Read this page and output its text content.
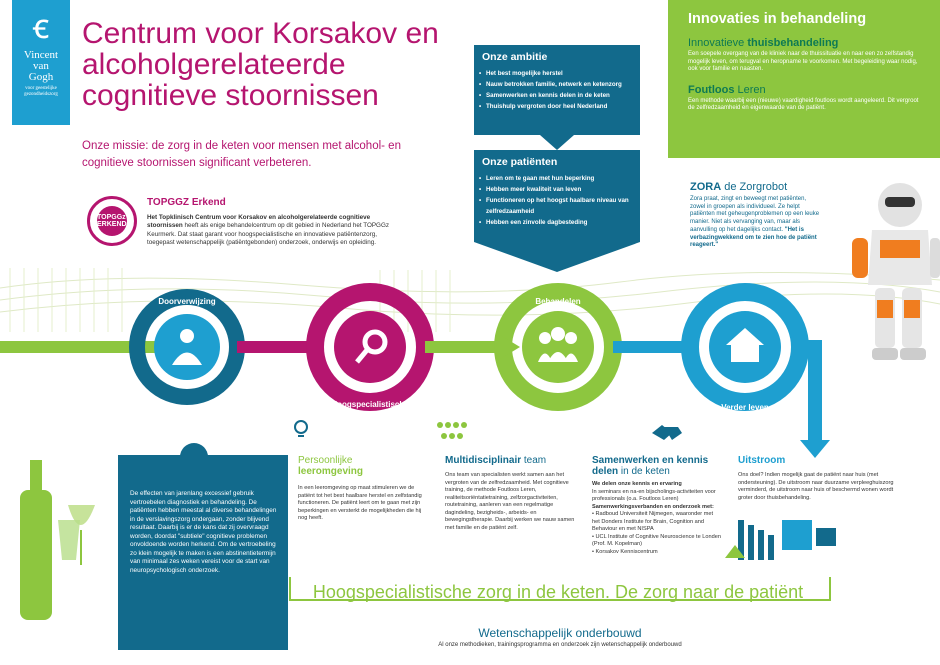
ꞓ
Vincent
van
Gogh
voor geestelijke gezondheidszorg
Centrum voor Korsakov en alcoholgerelateerde cognitieve stoornissen
Onze missie: de zorg in de keten voor mensen met alcohol- en cognitieve stoornissen significant verbeteren.
TOPGGz ERKEND
TOPGGZ Erkend
Het Topklinisch Centrum voor Korsakov en alcoholgerelateerde cognitieve stoornissen heeft als enige behandelcentrum op dit gebied in Nederland het TOPGGz Keurmerk. Dat staat garant voor hoogspecialistische en innovatieve patiëntenzorg, toegepast wetenschappelijk (patiëntgebonden) onderzoek, onderwijs en opleiding.
Onze ambitie
• Het best mogelijke herstel
• Nauw betrokken familie, netwerk en ketenzorg
• Samenwerken en kennis delen in de keten
• Thuishulp vergroten door heel Nederland
Onze patiënten
• Leren om te gaan met hun beperking
• Hebben meer kwaliteit van leven
• Functioneren op het hoogst haalbare niveau van zelfredzaamheid
• Hebben een zinvolle dagbesteding
Innovaties in behandeling
Innovatieve thuisbehandeling

Een soepele overgang van de kliniek naar de thuissituatie en naar een zo zelfstandig mogelijk leven, om terugval en heropname te voorkomen. Met begeleiding waar nodig, ook voor familie en naasten.

Foutloos Leren

Een methode waarbij een (nieuwe) vaardigheid foutloos wordt aangeleerd. Dit vergroot de zelfredzaamheid en eigenwaarde van de patiënt.

ZORA de Zorgrobot
Zora praat, zingt en beweegt met patiënten, zowel in groepen als individueel. Ze helpt patiënten met geheugenproblemen op een leuke manier. Niet als vervanging van, maar als aanvulling op het dagelijks contact. "Het is verbazingwekkend om te zien hoe de patiënt reageert."
Doorverwijzing
Hoogspecialistische diagnostiek
Behandelen
Verder leven

De effecten van jarenlang excessief gebruik vertroebelen diagnostiek en behandeling. De patiënten hebben meestal al diverse behandelingen in de verslavingszorg ondergaan, zonder blijvend resultaat. Daarbij is er de kans dat zij overvraagd worden, doordat "subtiele" cognitieve problemen onvoldoende worden herkend. Om de vertroebeling zo klein mogelijk te maken is een abstinentietermijn van minimaal zes weken vereist voor de start van neuropsychologisch onderzoek.

Persoonlijke
leeromgeving
In een leeromgeving op maat stimuleren we de patiënt tot het best haalbare herstel en zelfstandig functioneren. De patiënt leert om te gaan met zijn beperkingen en versterkt de mogelijkheden die hij nog heeft.
Multidisciplinair team
Ons team van specialisten werkt samen aan het vergroten van de zelfredzaamheid. Met cognitieve training, de methode Foutloos Leren, realiteitsoriëntatietraining, zelfzorgactiviteiten, routetraining, aanleren van een regelmatige dagindeling, bezigheids-, arbeids- en bewegingstherapie. Daarbij werken we nauw samen met familie en de patiënt zelf.
Samenwerken en kennis delen in de keten
We delen onze kennis en ervaring
In seminars en na-en bijscholings-activiteiten voor professionals (o.a. Foutloos Leren)
Samenwerkingsverbanden en onderzoek met:
• Radboud Universiteit Nijmegen, waaronder met het Donders Institute for Brain, Cognition and Behaviour en met NISPA
• UCL Institute of Cognitive Neuroscience te Londen (Prof. M. Kopelman)
• Korsakov Kenniscentrum
Uitstroom
Ons doel? Indien mogelijk gaat de patiënt naar huis (met ondersteuning). De uitstroom naar duurzame verpleeghuiszorg verminderd, de uitstroom naar huis of beschermd wonen wordt groter door thuisbehandeling.
Hoogspecialistische zorg in de keten. De zorg naar de patiënt
Wetenschappelijk onderbouwd
Al onze methodieken, trainingsprogramma en onderzoek zijn wetenschappelijk onderbouwd
